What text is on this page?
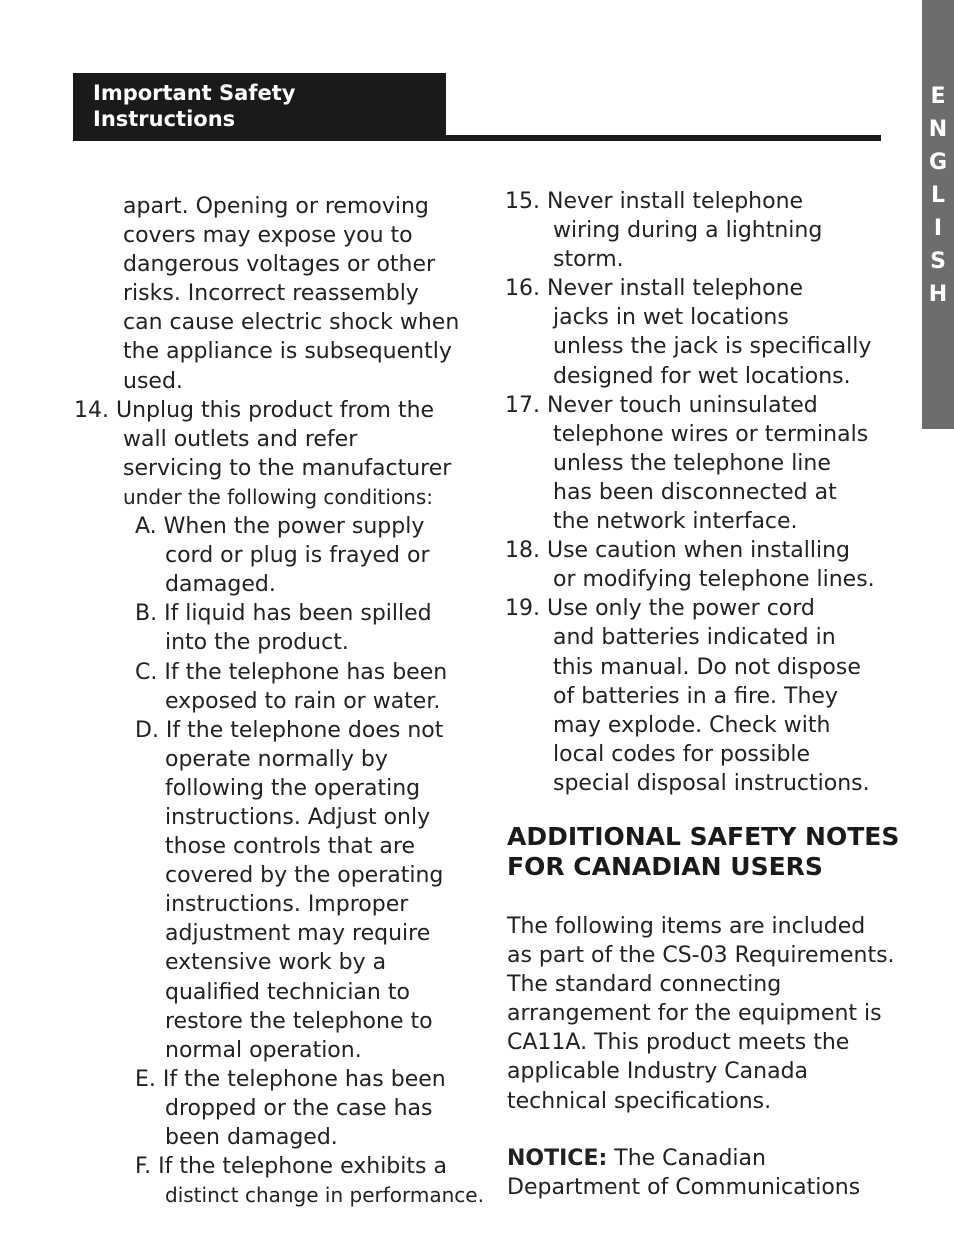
Important Safety
Instructions
E
N
G
L
I
S
H
apart. Opening or removing
covers may expose you to
dangerous voltages or other
risks. Incorrect reassembly
can cause electric shock when
the appliance is subsequently
used.
14. Unplug this product from the
wall outlets and refer
servicing to the manufacturer
under the following conditions:
A. When the power supply
cord or plug is frayed or
damaged.
B. If liquid has been spilled
into the product.
C. If the telephone has been
exposed to rain or water.
D. If the telephone does not
operate normally by
following the operating
instructions. Adjust only
those controls that are
covered by the operating
instructions. Improper
adjustment may require
extensive work by a
qualified technician to
restore the telephone to
normal operation.
E. If the telephone has been
dropped or the case has
been damaged.
F. If the telephone exhibits a
distinct change in performance.
15. Never install telephone
wiring during a lightning
storm.
16. Never install telephone
jacks in wet locations
unless the jack is specifically
designed for wet locations.
17. Never touch uninsulated
telephone wires or terminals
unless the telephone line
has been disconnected at
the network interface.
18. Use caution when installing
or modifying telephone lines.
19. Use only the power cord
and batteries indicated in
this manual. Do not dispose
of batteries in a fire. They
may explode. Check with
local codes for possible
special disposal instructions.
ADDITIONAL SAFETY NOTES
FOR CANADIAN USERS
The following items are included
as part of the CS-03 Requirements.
The standard connecting
arrangement for the equipment is
CA11A. This product meets the
applicable Industry Canada
technical specifications.
NOTICE: The Canadian
Department of Communications
